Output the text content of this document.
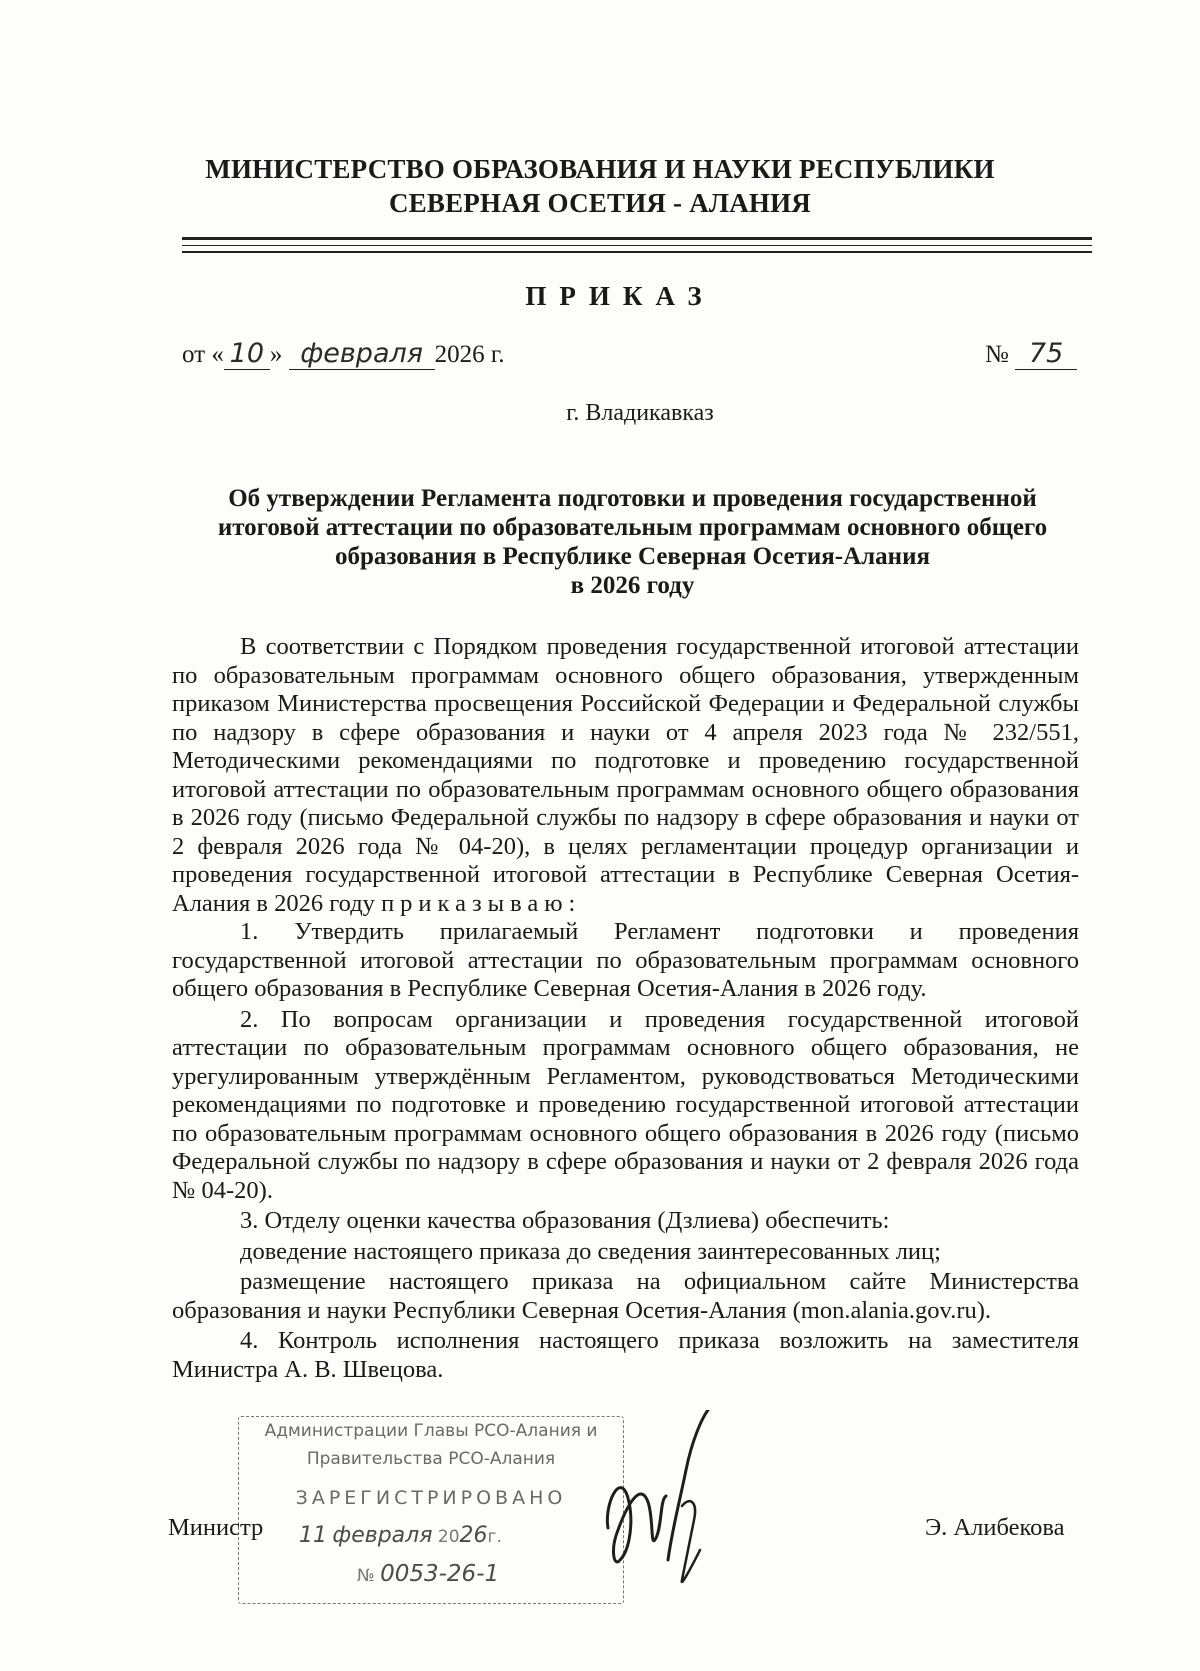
МИНИСТЕРСТВО ОБРАЗОВАНИЯ И НАУКИ РЕСПУБЛИКИ
СЕВЕРНАЯ ОСЕТИЯ - АЛАНИЯ
ПРИКАЗ
от « 10 » февраля 2026 г.	№ 75
г. Владикавказ
Об утверждении Регламента подготовки и проведения государственной
итоговой аттестации по образовательным программам основного общего
образования в Республике Северная Осетия-Алания
в 2026 году

В соответствии с Порядком проведения государственной итоговой аттестации по образовательным программам основного общего образования, утвержденным приказом Министерства просвещения Российской Федерации и Федеральной службы по надзору в сфере образования и науки от 4 апреля 2023 года № 232/551, Методическими рекомендациями по подготовке и проведению государственной итоговой аттестации по образовательным программам основного общего образования в 2026 году (письмо Федеральной службы по надзору в сфере образования и науки от 2 февраля 2026 года № 04-20), в целях регламентации процедур организации и проведения государственной итоговой аттестации в Республике Северная Осетия-Алания в 2026 году приказываю:

1. Утвердить прилагаемый Регламент подготовки и проведения государственной итоговой аттестации по образовательным программам основного общего образования в Республике Северная Осетия-Алания в 2026 году.

2. По вопросам организации и проведения государственной итоговой аттестации по образовательным программам основного общего образования, не урегулированным утверждённым Регламентом, руководствоваться Методическими рекомендациями по подготовке и проведению государственной итоговой аттестации по образовательным программам основного общего образования в 2026 году (письмо Федеральной службы по надзору в сфере образования и науки от 2 февраля 2026 года № 04-20).

3. Отделу оценки качества образования (Дзлиева) обеспечить:

доведение настоящего приказа до сведения заинтересованных лиц;

размещение настоящего приказа на официальном сайте Министерства образования и науки Республики Северная Осетия-Алания (mon.alania.gov.ru).

4. Контроль исполнения настоящего приказа возложить на заместителя Министра А. В. Швецова.

Администрации Главы РСО-Алания и
Правительства РСО-Алания
ЗАРЕГИСТРИРОВАНО
11 февраля 2026г.
№ 0053-26-1
Министр	Э. Алибекова
